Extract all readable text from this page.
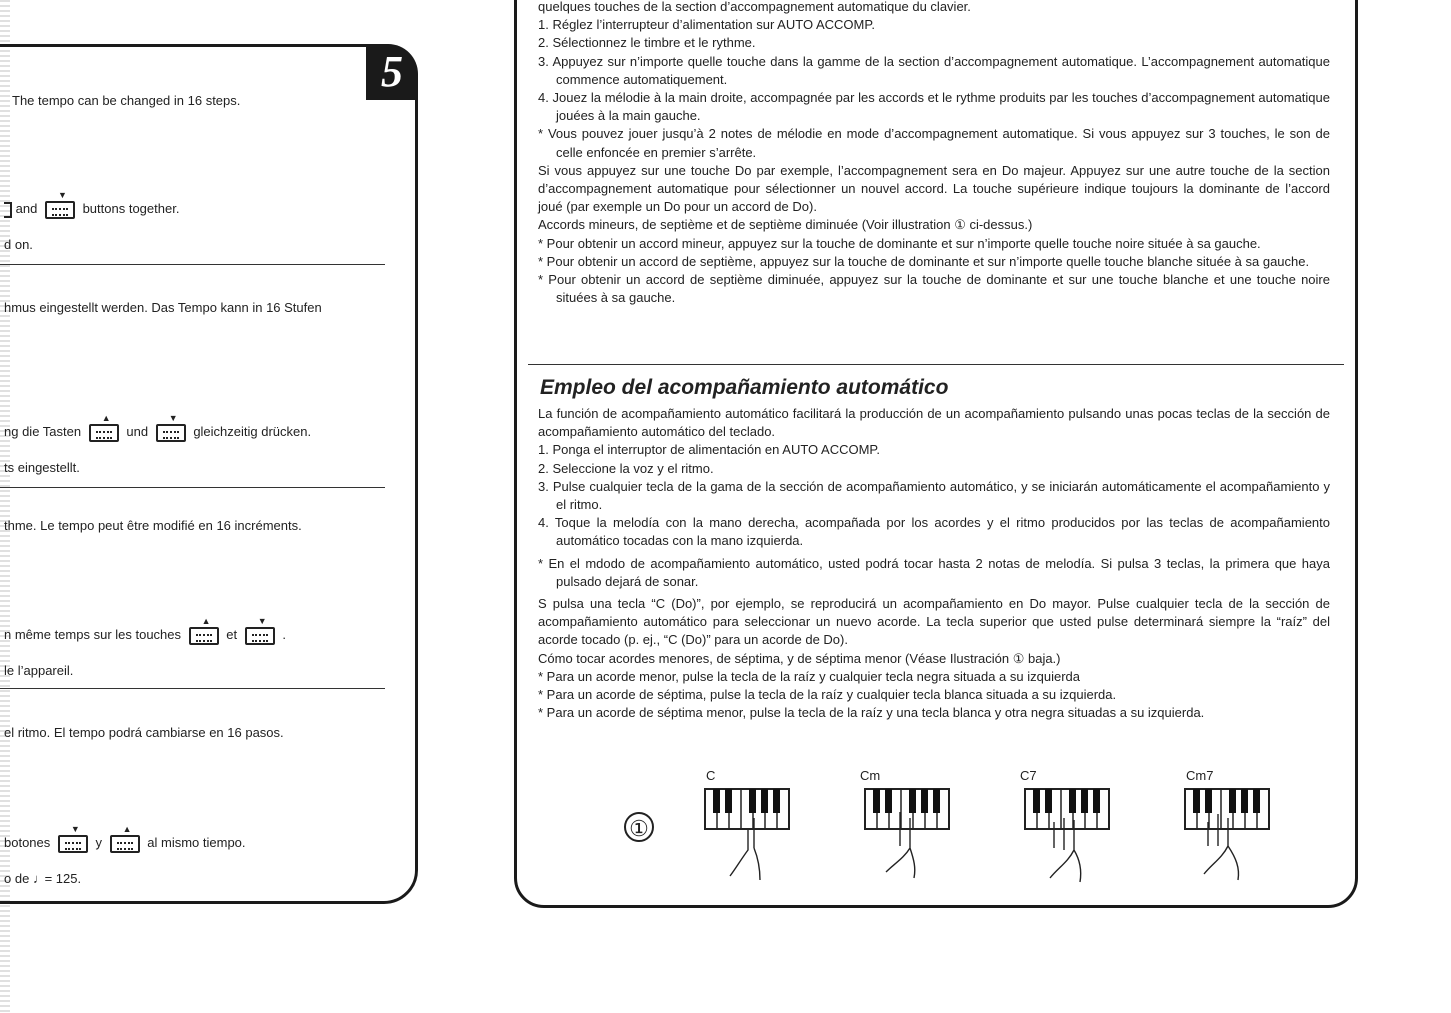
5
The tempo can be changed in 16 steps.
and
▼
buttons together.
d on.
hmus eingestellt werden. Das Tempo kann in 16 Stufen
ng die Tasten
▲
und
▼
gleichzeitig drücken.
ts eingestellt.
thme. Le tempo peut être modifié en 16 incréments.
n même temps sur les touches
▲
et
▼
.
le l’appareil.
el ritmo. El tempo podrá cambiarse en 16 pasos.
botones
▼
y
▲
al mismo tiempo.
o de ♩ = 125.
quelques touches de la section d’accompagnement automatique du clavier.
1. Réglez l’interrupteur d’alimentation sur AUTO ACCOMP.
2. Sélectionnez le timbre et le rythme.
3. Appuyez sur n’importe quelle touche dans la gamme de la section d’accompagnement automatique. L’accompagnement automatique commence automatiquement.
4. Jouez la mélodie à la main droite, accompagnée par les accords et le rythme produits par les touches d’accompagnement automatique jouées à la main gauche.
* Vous pouvez jouer jusqu’à 2 notes de mélodie en mode d’accompagnement automatique. Si vous appuyez sur 3 touches, le son de celle enfoncée en premier s’arrête.
Si vous appuyez sur une touche Do par exemple, l’accompagnement sera en Do majeur. Appuyez sur une autre touche de la section d’accompagnement automatique pour sélectionner un nouvel accord. La touche supérieure indique toujours la dominante de l’accord joué (par exemple un Do pour un accord de Do).
Accords mineurs, de septième et de septième diminuée (Voir illustration ① ci-dessus.)
* Pour obtenir un accord mineur, appuyez sur la touche de dominante et sur n’importe quelle touche noire située à sa gauche.
* Pour obtenir un accord de septième, appuyez sur la touche de dominante et sur n’importe quelle touche blanche située à sa gauche.
* Pour obtenir un accord de septième diminuée, appuyez sur la touche de dominante et sur une touche blanche et une touche noire situées à sa gauche.
Empleo del acompañamiento automático
La función de acompañamiento automático facilitará la producción de un acompañamiento pulsando unas pocas teclas de la sección de acompañamiento automático del teclado.
1. Ponga el interruptor de alimentación en AUTO ACCOMP.
2. Seleccione la voz y el ritmo.
3. Pulse cualquier tecla de la gama de la sección de acompañamiento automático, y se iniciarán automáticamente el acompañamiento y el ritmo.
4. Toque la melodía con la mano derecha, acompañada por los acordes y el ritmo producidos por las teclas de acompañamiento automático tocadas con la mano izquierda.
* En el mdodo de acompañamiento automático, usted podrá tocar hasta 2 notas de melodía. Si pulsa 3 teclas, la primera que haya pulsado dejará de sonar.
S pulsa una tecla “C (Do)”, por ejemplo, se reproducirá un acompañamiento en Do mayor. Pulse cualquier tecla de la sección de acompañamiento automático para seleccionar un nuevo acorde. La tecla superior que usted pulse determinará siempre la “raíz” del acorde tocado (p. ej., “C (Do)” para un acorde de Do).
Cómo tocar acordes menores, de séptima, y de séptima menor (Véase Ilustración ① baja.)
* Para un acorde menor, pulse la tecla de la raíz y cualquier tecla negra situada a su izquierda
* Para un acorde de séptima, pulse la tecla de la raíz y cualquier tecla blanca situada a su izquierda.
* Para un acorde de séptima menor, pulse la tecla de la raíz y una tecla blanca y otra negra situadas a su izquierda.
①
C	Cm	C7	Cm7
